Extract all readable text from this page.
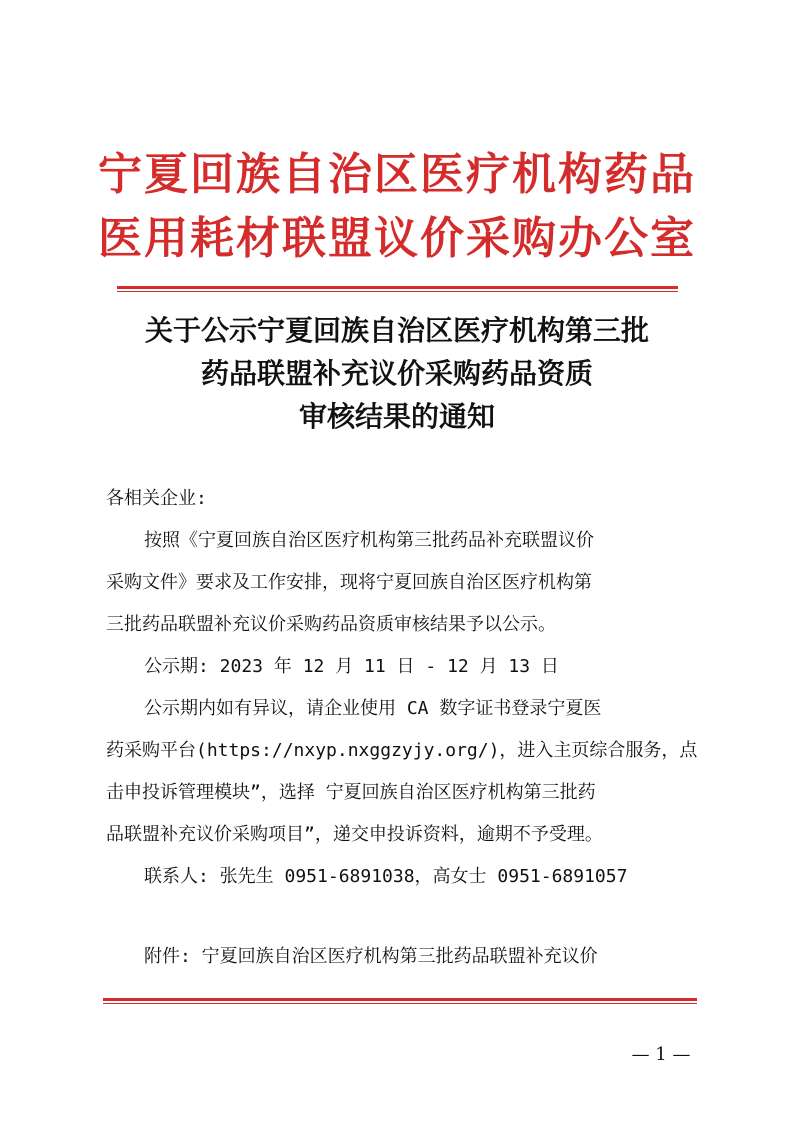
宁夏回族自治区医疗机构药品
医用耗材联盟议价采购办公室
关于公示宁夏回族自治区医疗机构第三批
药品联盟补充议价采购药品资质
审核结果的通知
各相关企业:
按照《宁夏回族自治区医疗机构第三批药品补充联盟议价
采购文件》要求及工作安排，现将宁夏回族自治区医疗机构第
三批药品联盟补充议价采购药品资质审核结果予以公示。
公示期: 2023 年 12 月 11 日 - 12 月 13 日
公示期内如有异议，请企业使用 CA 数字证书登录宁夏医
药采购平台(https://nxyp.nxggzyjy.org/)，进入主页综合服务，点
击申投诉管理模块”，选择 宁夏回族自治区医疗机构第三批药
品联盟补充议价采购项目”，递交申投诉资料，逾期不予受理。
联系人: 张先生 0951-6891038，高女士 0951-6891057
附件: 宁夏回族自治区医疗机构第三批药品联盟补充议价
— 1 —
